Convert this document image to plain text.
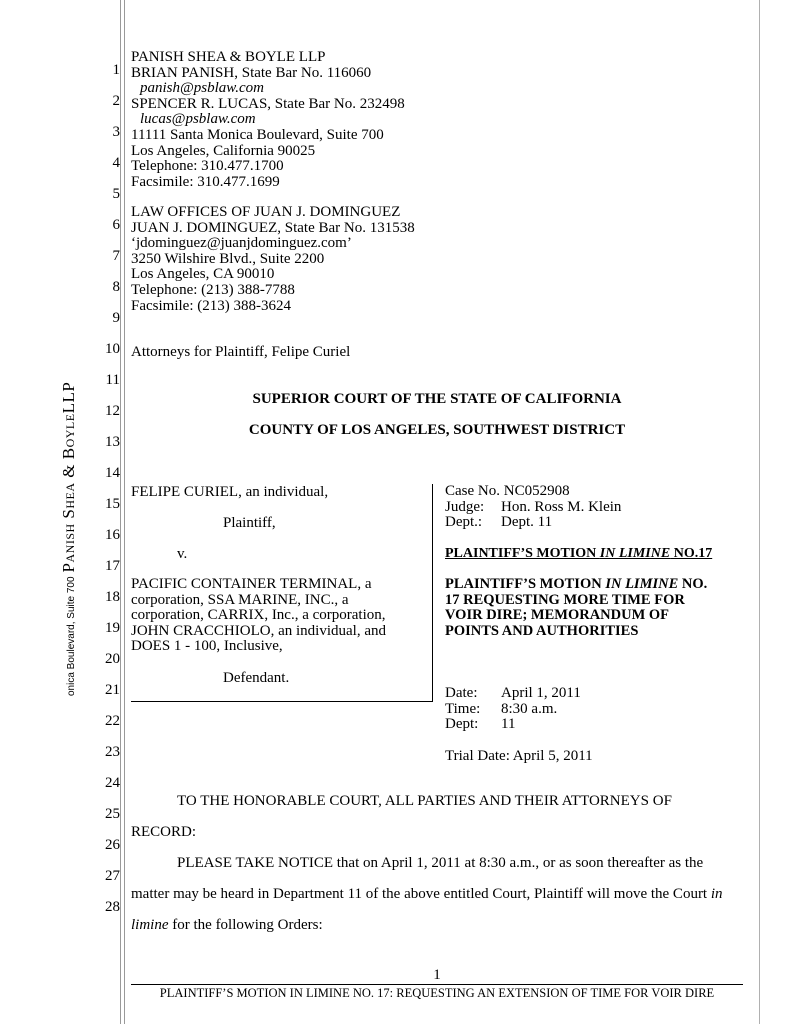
onica Boulevard, Suite 700 Panish Shea & BoyleLLP
1
2
3
4
5
6
7
8
9
10
11
12
13
14
15
16
17
18
19
20
21
22
23
24
25
26
27
28
PANISH SHEA & BOYLE LLP
BRIAN PANISH, State Bar No. 116060
panish@psblaw.com
SPENCER R. LUCAS, State Bar No. 232498
lucas@psblaw.com
11111 Santa Monica Boulevard, Suite 700
Los Angeles, California 90025
Telephone: 310.477.1700
Facsimile: 310.477.1699
LAW OFFICES OF JUAN J. DOMINGUEZ
JUAN J. DOMINGUEZ, State Bar No. 131538
‘jdominguez@juanjdominguez.com’
3250 Wilshire Blvd., Suite 2200
Los Angeles, CA 90010
Telephone: (213) 388-7788
Facsimile: (213) 388-3624
Attorneys for Plaintiff, Felipe Curiel
SUPERIOR COURT OF THE STATE OF CALIFORNIA
COUNTY OF LOS ANGELES, SOUTHWEST DISTRICT
FELIPE CURIEL, an individual,
Plaintiff,
v.
PACIFIC CONTAINER TERMINAL, a
corporation, SSA MARINE, INC., a
corporation, CARRIX, Inc., a corporation,
JOHN CRACCHIOLO, an individual, and
DOES 1 - 100, Inclusive,
Defendant.
Case No. NC052908
Judge: Hon. Ross M. Klein
Dept.: Dept. 11
PLAINTIFF’S MOTION IN LIMINE NO.17
PLAINTIFF’S MOTION IN LIMINE NO.
17 REQUESTING MORE TIME FOR
VOIR DIRE; MEMORANDUM OF
POINTS AND AUTHORITIES
Date: April 1, 2011
Time: 8:30 a.m.
Dept: 11
Trial Date: April 5, 2011
TO THE HONORABLE COURT, ALL PARTIES AND THEIR ATTORNEYS OF
RECORD:
PLEASE TAKE NOTICE that on April 1, 2011 at 8:30 a.m., or as soon thereafter as the
matter may be heard in Department 11 of the above entitled Court, Plaintiff will move the Court in
limine for the following Orders:
1
PLAINTIFF’S MOTION IN LIMINE NO. 17: REQUESTING AN EXTENSION OF TIME FOR VOIR DIRE
